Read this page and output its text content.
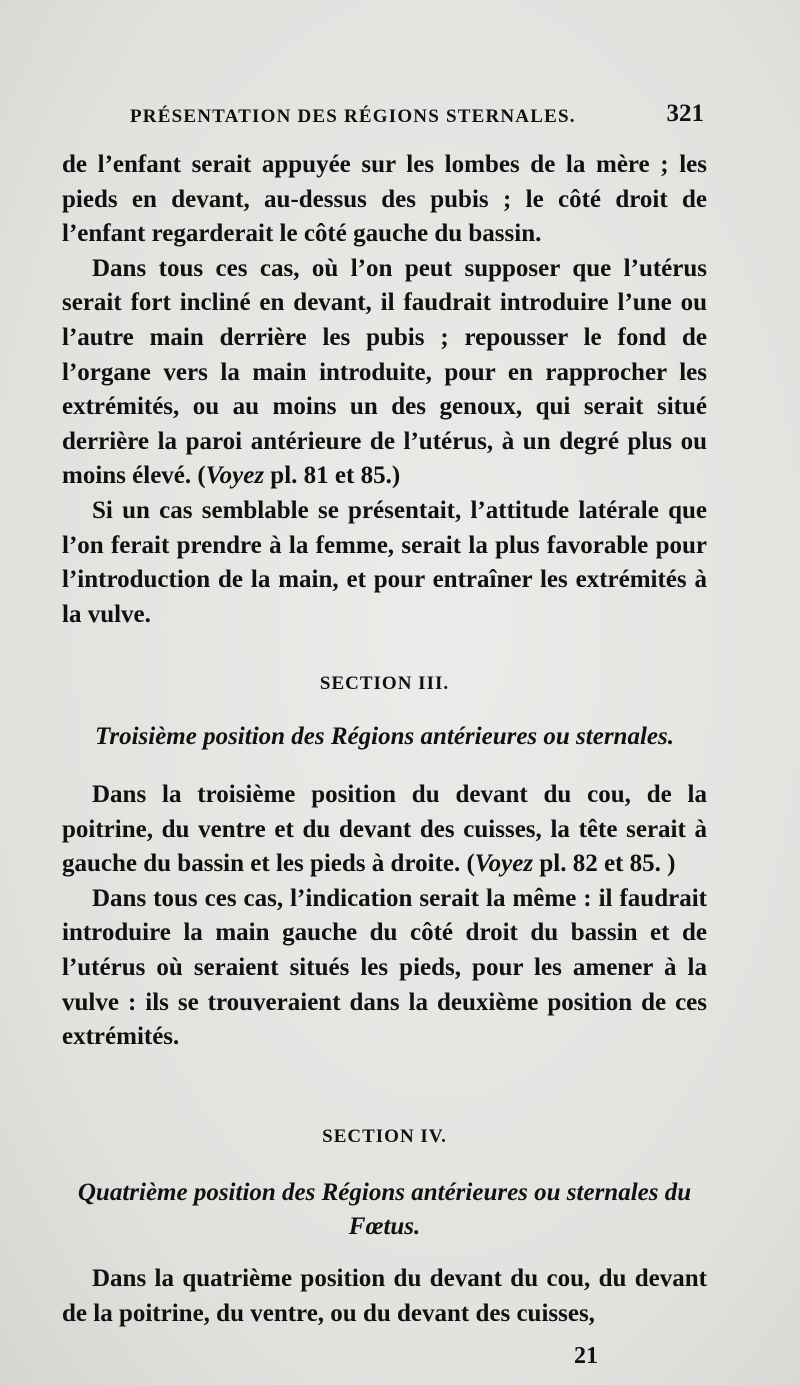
PRÉSENTATION DES RÉGIONS STERNALES.	321

de l’enfant serait appuyée sur les lombes de la mère ; les pieds en devant, au-dessus des pubis ; le côté droit de l’enfant regarderait le côté gauche du bassin.

Dans tous ces cas, où l’on peut supposer que l’utérus serait fort incliné en devant, il faudrait introduire l’une ou l’autre main derrière les pubis ; repousser le fond de l’organe vers la main introduite, pour en rapprocher les extrémités, ou au moins un des genoux, qui serait situé derrière la paroi antérieure de l’utérus, à un degré plus ou moins élevé. (Voyez pl. 81 et 85.)

Si un cas semblable se présentait, l’attitude latérale que l’on ferait prendre à la femme, serait la plus favorable pour l’introduction de la main, et pour entraîner les extrémités à la vulve.

SECTION III.
Troisième position des Régions antérieures ou sternales.

Dans la troisième position du devant du cou, de la poitrine, du ventre et du devant des cuisses, la tête serait à gauche du bassin et les pieds à droite. (Voyez pl. 82 et 85. )

Dans tous ces cas, l’indication serait la même : il faudrait introduire la main gauche du côté droit du bassin et de l’utérus où seraient situés les pieds, pour les amener à la vulve : ils se trouveraient dans la deuxième position de ces extrémités.

SECTION IV.
Quatrième position des Régions antérieures ou sternales du Fœtus.

Dans la quatrième position du devant du cou, du devant de la poitrine, du ventre, ou du devant des cuisses,

21
